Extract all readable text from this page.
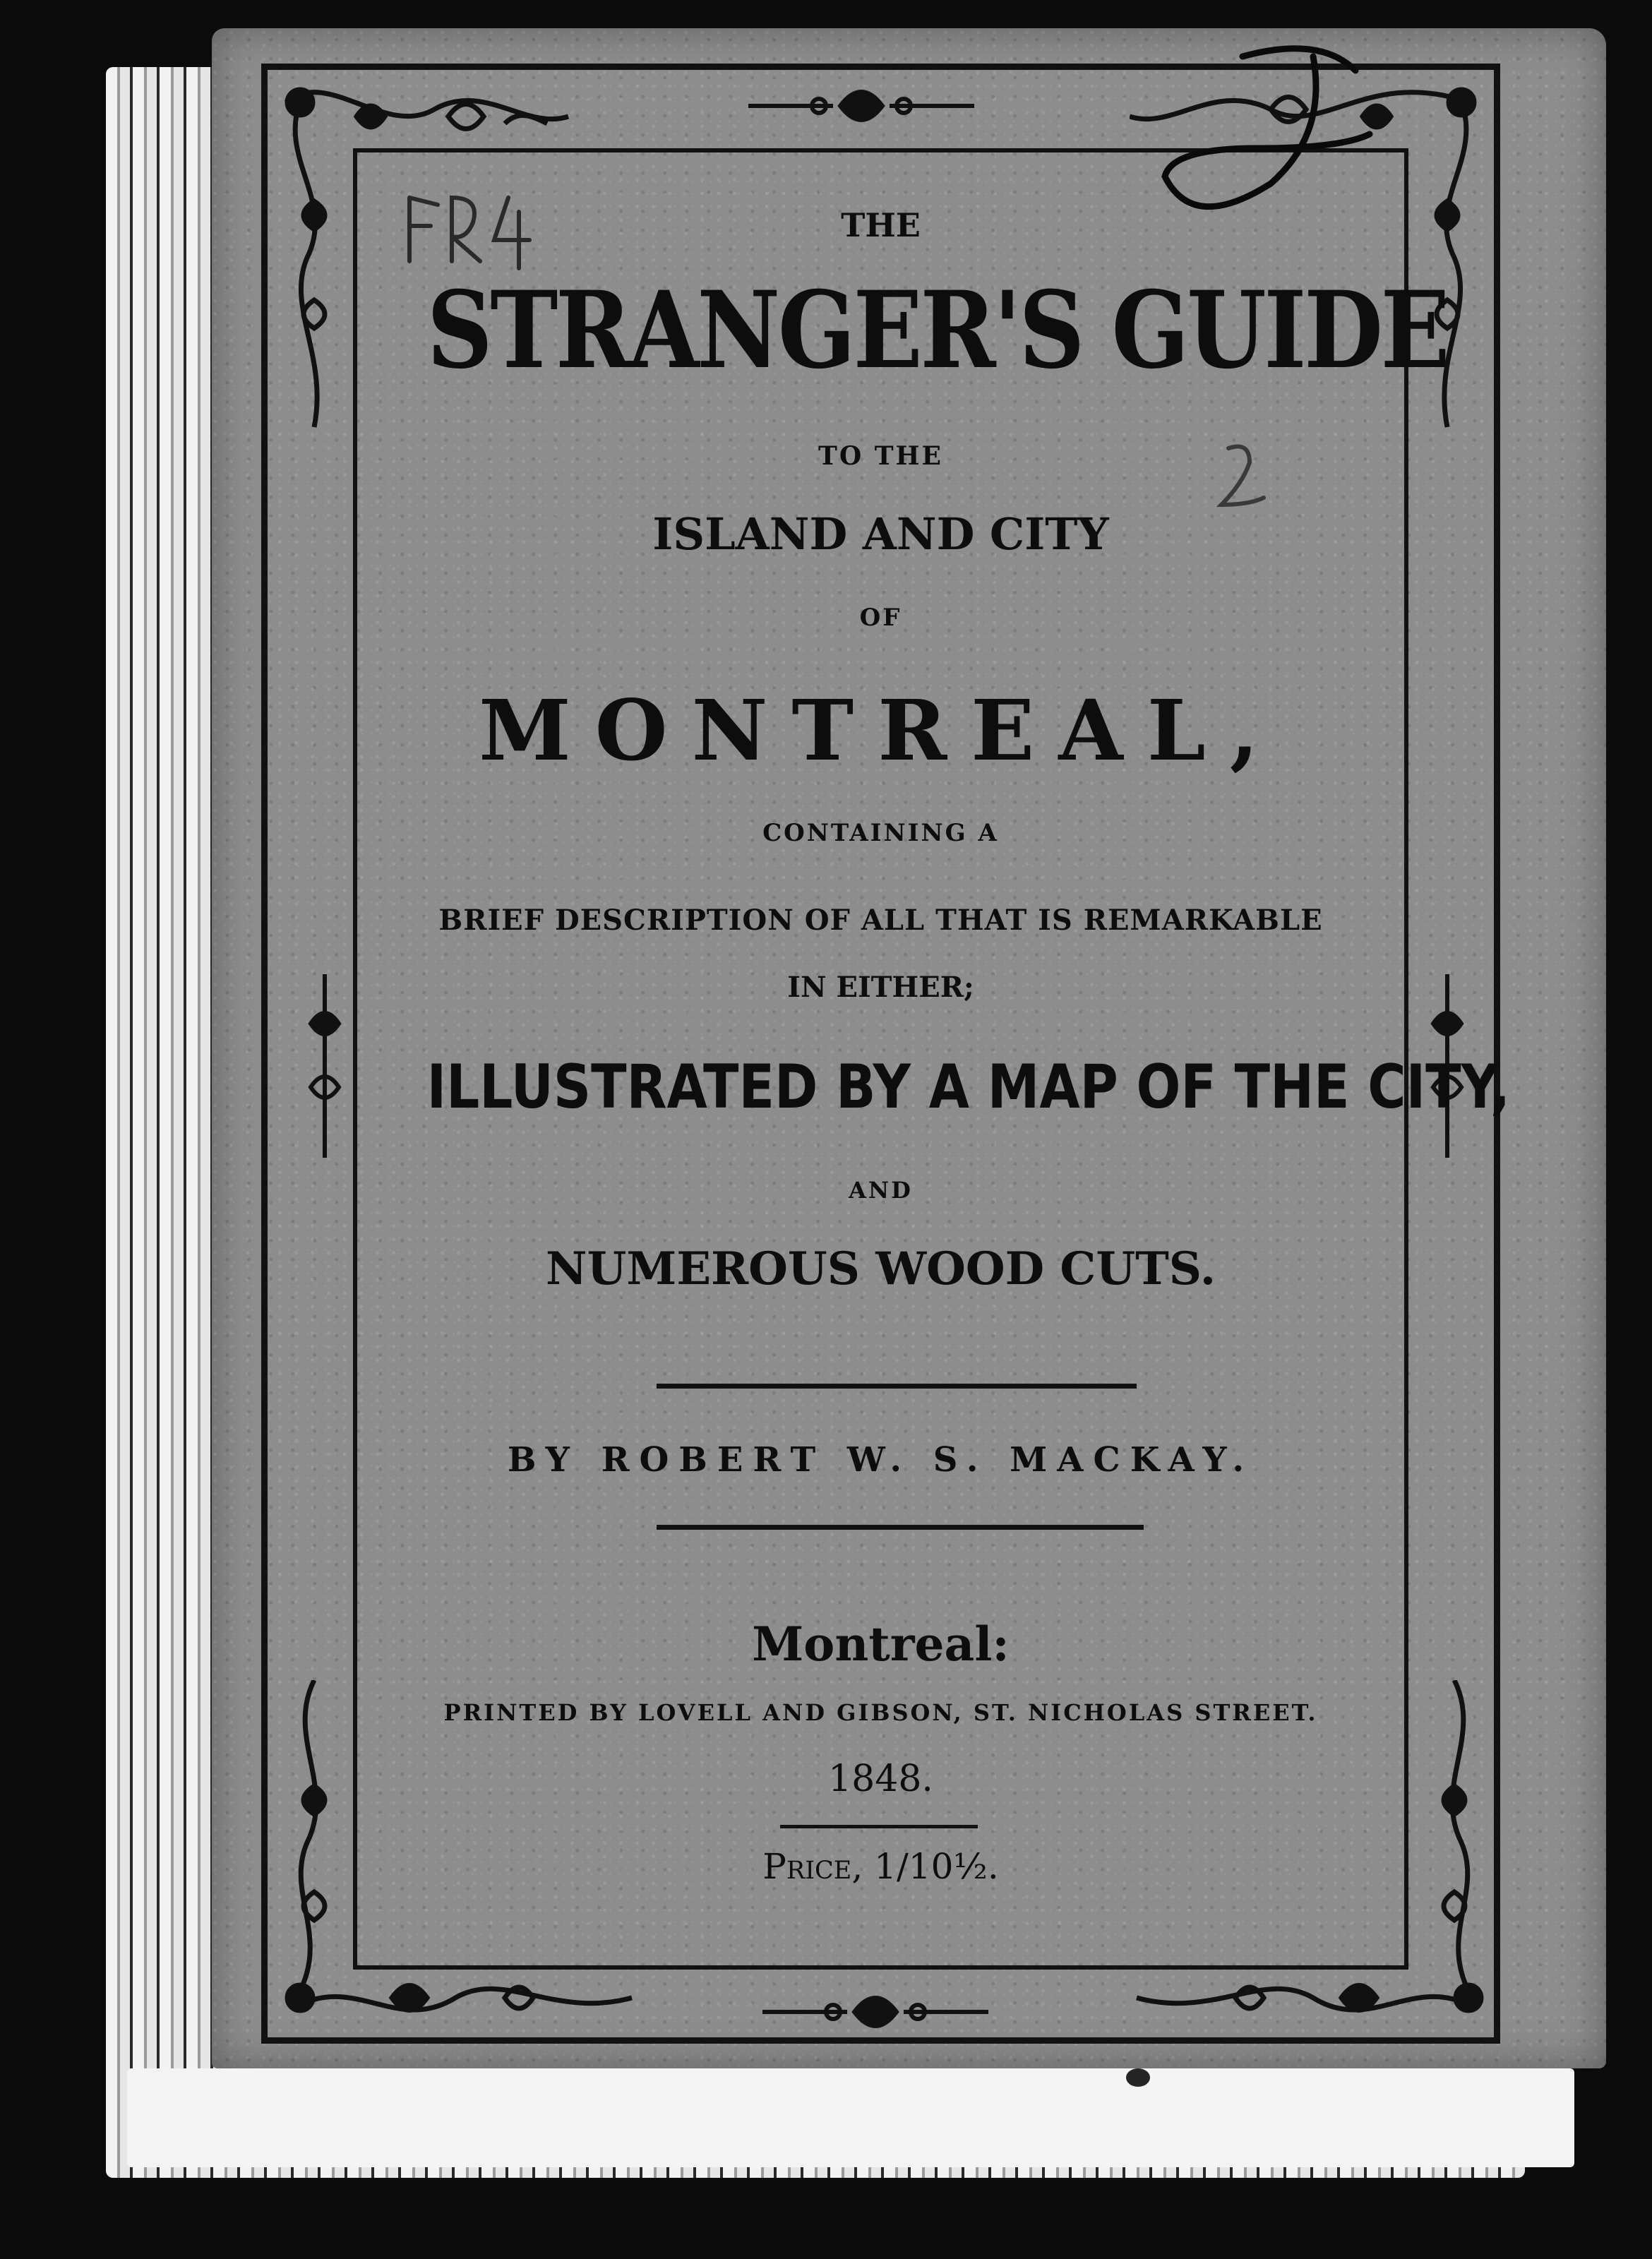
THE
STRANGER'S GUIDE
TO THE
ISLAND AND CITY
OF
MONTREAL,
CONTAINING A
BRIEF DESCRIPTION OF ALL THAT IS REMARKABLE
IN EITHER;
ILLUSTRATED BY A MAP OF THE CITY,
AND
NUMEROUS WOOD CUTS.
BY ROBERT W. S. MACKAY.
Montreal:
PRINTED BY LOVELL AND GIBSON, ST. NICHOLAS STREET.
1848.
Price, 1/10½.
